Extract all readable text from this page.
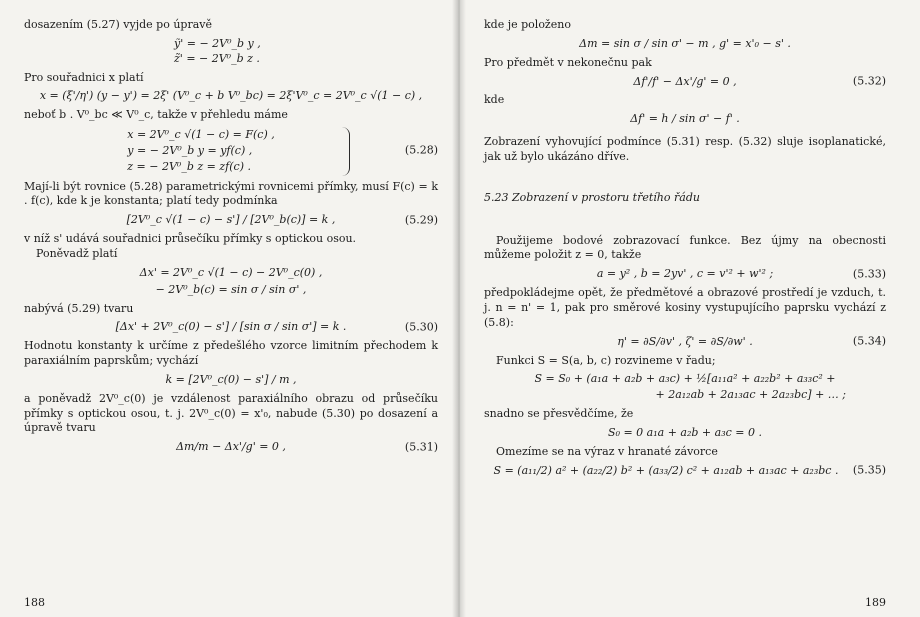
dosazením (5.27) vyjde po úpravě

ỹ' = − 2V⁰_b y ,
z̃' = − 2V⁰_b z .

Pro souřadnici x platí

x = (ξ'/η') (y − y') = 2ξ' (V⁰_c + b V⁰_bc) = 2ξ'V⁰_c = 2V⁰_c √(1 − c) ,

neboť b . V⁰_bc ≪ V⁰_c, takže v přehledu máme

x = 2V⁰_c √(1 − c) = F(c) ,
y = − 2V⁰_b y = yf(c) ,
z = − 2V⁰_b z = zf(c) .
(5.28)

Mají-li být rovnice (5.28) parametrickými rovnicemi přímky, musí F(c) = k . f(c), kde k je konstanta; platí tedy podmínka

[2V⁰_c √(1 − c) − s'] / [2V⁰_b(c)] = k ,	(5.29)

v níž s' udává souřadnici průsečíku přímky s optickou osou.

Poněvadž platí

Δx' = 2V⁰_c √(1 − c) − 2V⁰_c(0) ,
− 2V⁰_b(c) = sin σ / sin σ' ,

nabývá (5.29) tvaru

[Δx' + 2V⁰_c(0) − s'] / [sin σ / sin σ'] = k .	(5.30)

Hodnotu konstanty k určíme z předešlého vzorce limitním přechodem k paraxiálním paprskům; vychází

k = [2V⁰_c(0) − s'] / m ,

a poněvadž 2V⁰_c(0) je vzdálenost paraxiálního obrazu od průsečíku přímky s optickou osou, t. j. 2V⁰_c(0) = x'₀, nabude (5.30) po dosazení a úpravě tvaru

Δm/m − Δx'/g' = 0 ,	(5.31)
188

kde je položeno

Δm = sin σ / sin σ' − m , g' = x'₀ − s' .

Pro předmět v nekonečnu pak

Δf'/f' − Δx'/g' = 0 ,	(5.32)

kde

Δf' = h / sin σ' − f' .

Zobrazení vyhovující podmínce (5.31) resp. (5.32) sluje isoplanatické, jak už bylo ukázáno dříve.

5.23 Zobrazení v prostoru třetího řádu

Použijeme bodové zobrazovací funkce. Bez újmy na obecnosti můžeme položit z = 0, takže

a = y² , b = 2yv' , c = v'² + w'² ;	(5.33)

předpokládejme opět, že předmětové a obrazové prostředí je vzduch, t. j. n = n' = 1, pak pro směrové kosiny vystupujícího paprsku vychází z (5.8):

η' = ∂S/∂v' , ζ' = ∂S/∂w' .	(5.34)

Funkci S = S(a, b, c) rozvineme v řadu;

S = S₀ + (a₁a + a₂b + a₃c) + ½[a₁₁a² + a₂₂b² + a₃₃c² +
+ 2a₁₂ab + 2a₁₃ac + 2a₂₃bc] + … ;

snadno se přesvědčíme, že

S₀ = 0 a₁a + a₂b + a₃c = 0 .

Omezíme se na výraz v hranaté závorce

S = (a₁₁/2) a² + (a₂₂/2) b² + (a₃₃/2) c² + a₁₂ab + a₁₃ac + a₂₃bc . (5.35)
189
